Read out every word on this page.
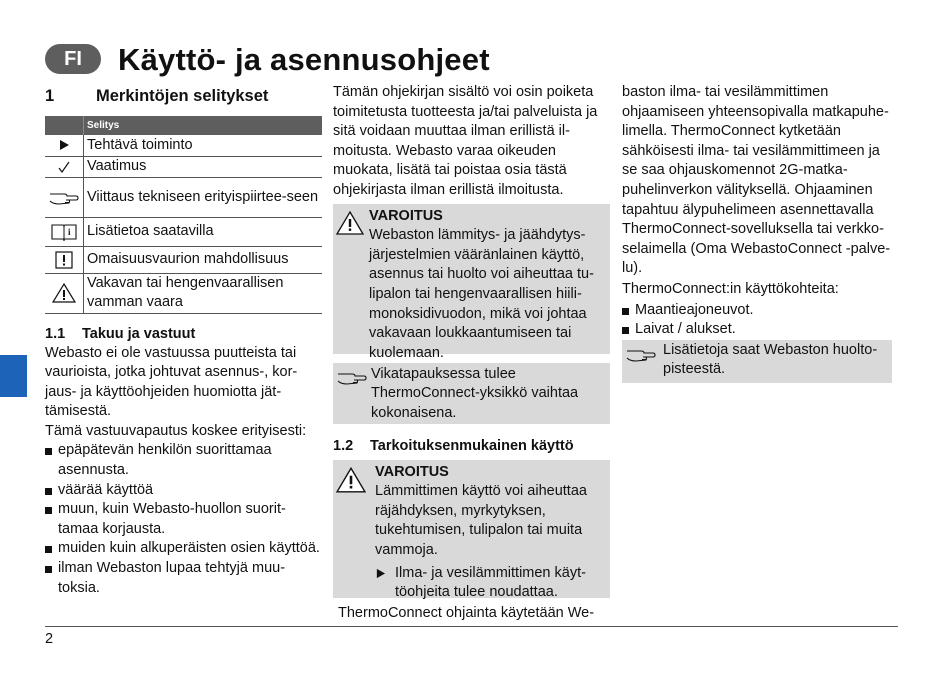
FI	Käyttö- ja asennusohjeet
1	Merkintöjen selitykset
	Selitys

	Tehtävä toiminto

	Vaatimus

	Viittaus tekniseen erityispiirtee-seen

i	Lisätietoa saatavilla

	Omaisuusvaurion mahdollisuus

	Vakavan tai hengenvaarallisen vamman vaara
1.1 Takuu ja vastuut

Webasto ei ole vastuussa puutteista tai vaurioista, jotka johtuvat asennus-, kor-jaus- ja käyttöohjeiden huomiotta jät-tämisestä.

Tämä vastuuvapautus koskee erityisesti:

epäpätevän henkilön suorittamaa asennusta.
väärää käyttöä
muun, kuin Webasto-huollon suorit-tamaa korjausta.
muiden kuin alkuperäisten osien käyttöä.
ilman Webaston lupaa tehtyjä muu-toksia.

Tämän ohjekirjan sisältö voi osin poiketa toimitetusta tuotteesta ja/tai palveluista ja sitä voidaan muuttaa ilman erillistä il-moitusta. Webasto varaa oikeuden muokata, lisätä tai poistaa osia tästä ohjekirjasta ilman erillistä ilmoitusta.

VAROITUS

Webaston lämmitys- ja jäähdytys-järjestelmien vääränlainen käyttö, asennus tai huolto voi aiheuttaa tu-lipalon tai hengenvaarallisen hiili-monoksidivuodon, mikä voi johtaa vakavaan loukkaantumiseen tai kuolemaan.

Vikatapauksessa tulee ThermoConnect-yksikkö vaihtaa kokonaisena.

1.2 Tarkoituksenmukainen käyttö
VAROITUS

Lämmittimen käyttö voi aiheuttaa räjähdyksen, myrkytyksen, tukehtumisen, tulipalon tai muita vammoja.

Ilma- ja vesilämmittimen käyt-töohjeita tulee noudattaa.

ThermoConnect ohjainta käytetään We-

baston ilma- tai vesilämmittimen ohjaamiseen yhteensopivalla matkapuhe-limella. ThermoConnect kytketään sähköisesti ilma- tai vesilämmittimeen ja se saa ohjauskomennot 2G-matka-puhelinverkon välityksellä. Ohjaaminen tapahtuu älypuhelimeen asennettavalla ThermoConnect-sovelluksella tai verkko-selaimella (Oma WebastoConnect -palve-lu).

ThermoConnect:in käyttökohteita:

Maantieajoneuvot.
Laivat / alukset.

Lisätietoja saat Webaston huolto-pisteestä.

2
